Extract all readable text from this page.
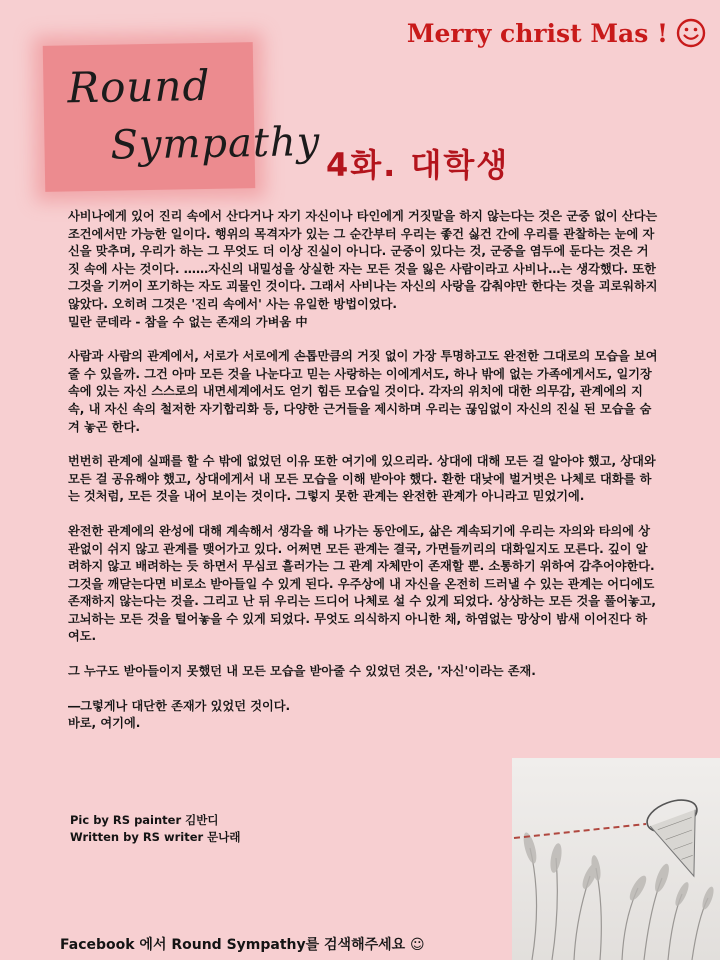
Merry christ Mas !
Round
Sympathy 4화. 대학생

사비나에게 있어 진리 속에서 산다거나 자기 자신이나 타인에게 거짓말을 하지 않는다는 것은 군중 없이 산다는 조건에서만 가능한 일이다. 행위의 목격자가 있는 그 순간부터 우리는 좋건 싫건 간에 우리를 관찰하는 눈에 자신을 맞추며, 우리가 하는 그 무엇도 더 이상 진실이 아니다. 군중이 있다는 것, 군중을 염두에 둔다는 것은 거짓 속에 사는 것이다. ……자신의 내밀성을 상실한 자는 모든 것을 잃은 사람이라고 사비나…는 생각했다. 또한 그것을 기꺼이 포기하는 자도 괴물인 것이다. 그래서 사비나는 자신의 사랑을 감춰야만 한다는 것을 괴로워하지 않았다. 오히려 그것은 '진리 속에서' 사는 유일한 방법이었다.
밀란 쿤데라 - 참을 수 없는 존재의 가벼움 中

사람과 사람의 관계에서, 서로가 서로에게 손톱만큼의 거짓 없이 가장 투명하고도 완전한 그대로의 모습을 보여줄 수 있을까. 그건 아마 모든 것을 나눈다고 믿는 사랑하는 이에게서도, 하나 밖에 없는 가족에게서도, 일기장 속에 있는 자신 스스로의 내면세계에서도 얻기 힘든 모습일 것이다. 각자의 위치에 대한 의무감, 관계에의 지속, 내 자신 속의 철저한 자기합리화 등, 다양한 근거들을 제시하며 우리는 끊임없이 자신의 진실 된 모습을 숨겨 놓곤 한다.

번번히 관계에 실패를 할 수 밖에 없었던 이유 또한 여기에 있으리라. 상대에 대해 모든 걸 알아야 했고, 상대와 모든 걸 공유해야 했고, 상대에게서 내 모든 모습을 이해 받아야 했다. 환한 대낮에 벌거벗은 나체로 대화를 하는 것처럼, 모든 것을 내어 보이는 것이다. 그렇지 못한 관계는 완전한 관계가 아니라고 믿었기에.

완전한 관계에의 완성에 대해 계속해서 생각을 해 나가는 동안에도, 삶은 계속되기에 우리는 자의와 타의에 상관없이 쉬지 않고 관계를 맺어가고 있다. 어쩌면 모든 관계는 결국, 가면들끼리의 대화일지도 모른다. 깊이 알려하지 않고 배려하는 듯 하면서 무심코 흘러가는 그 관계 자체만이 존재할 뿐. 소통하기 위하여 감추어야한다. 그것을 깨닫는다면 비로소 받아들일 수 있게 된다. 우주상에 내 자신을 온전히 드러낼 수 있는 관계는 어디에도 존재하지 않는다는 것을. 그리고 난 뒤 우리는 드디어 나체로 설 수 있게 되었다. 상상하는 모든 것을 풀어놓고, 고뇌하는 모든 것을 털어놓을 수 있게 되었다. 무엇도 의식하지 아니한 채, 하염없는 망상이 밤새 이어진다 하여도.

그 누구도 받아들이지 못했던 내 모든 모습을 받아줄 수 있었던 것은, '자신'이라는 존재.

―그렇게나 대단한 존재가 있었던 것이다.
바로, 여기에.

Pic by RS painter 김반디
Written by RS writer 문나래
Facebook 에서 Round Sympathy를 검색해주세요 ☺
